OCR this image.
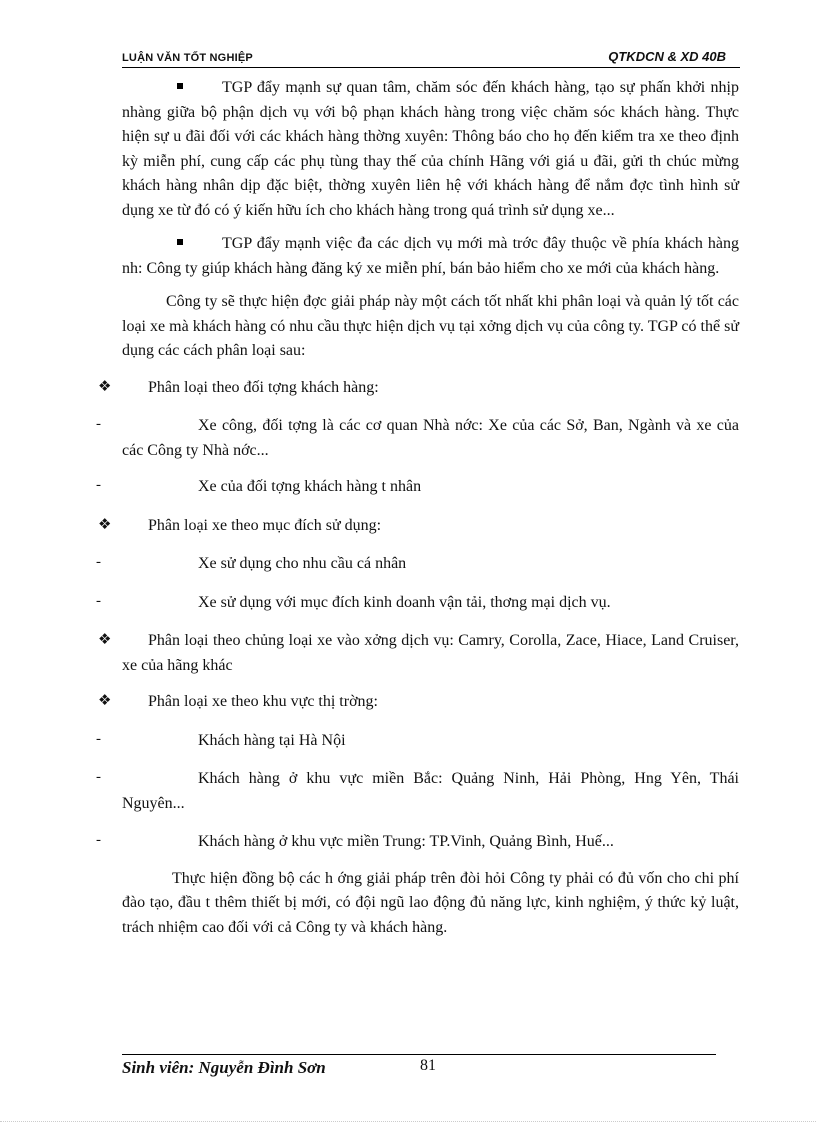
LUẬN VĂN TỐT NGHIỆP	QTKDCN & XD 40B

TGP đẩy mạnh sự quan tâm, chăm sóc đến khách hàng, tạo sự phấn khởi nhịp nhàng giữa bộ phận dịch vụ với bộ phạn khách hàng trong việc chăm sóc khách hàng. Thực hiện sự u đãi đối với các khách hàng thờng xuyên: Thông báo cho họ đến kiểm tra xe theo định kỳ miễn phí, cung cấp các phụ tùng thay thế của chính Hãng với giá u đãi, gửi th chúc mừng khách hàng nhân dịp đặc biệt, thờng xuyên liên hệ với khách hàng để nắm đợc tình hình sử dụng xe từ đó có ý kiến hữu ích cho khách hàng trong quá trình sử dụng xe...

TGP đẩy mạnh việc đa các dịch vụ mới mà trớc đây thuộc về phía khách hàng nh: Công ty giúp khách hàng đăng ký xe miễn phí, bán bảo hiểm cho xe mới của khách hàng.

Công ty sẽ thực hiện đợc giải pháp này một cách tốt nhất khi phân loại và quản lý tốt các loại xe mà khách hàng có nhu cầu thực hiện dịch vụ tại xởng dịch vụ của công ty. TGP có thể sử dụng các cách phân loại sau:

❖ Phân loại theo đối tợng khách hàng:

-	Xe công, đối tợng là các cơ quan Nhà nớc: Xe của các Sở, Ban, Ngành và xe của các Công ty Nhà nớc...

-	Xe của đối tợng khách hàng t nhân

❖ Phân loại xe theo mục đích sử dụng:

-	Xe sử dụng cho nhu cầu cá nhân

-	Xe sử dụng với mục đích kinh doanh vận tải, thơng mại dịch vụ.

❖ Phân loại theo chủng loại xe vào xởng dịch vụ: Camry, Corolla, Zace, Hiace, Land Cruiser, xe của hãng khác

❖ Phân loại xe theo khu vực thị trờng:

-	Khách hàng tại Hà Nội

-	Khách hàng ở khu vực miền Bắc: Quảng Ninh, Hải Phòng, Hng Yên, Thái Nguyên...

-	Khách hàng ở khu vực miền Trung: TP.Vinh, Quảng Bình, Huế...

Thực hiện đồng bộ các h ớng giải pháp trên đòi hỏi Công ty phải có đủ vốn cho chi phí đào tạo, đầu t thêm thiết bị mới, có đội ngũ lao động đủ năng lực, kinh nghiệm, ý thức kỷ luật, trách nhiệm cao đối với cả Công ty và khách hàng.

Sinh viên: Nguyễn Đình Sơn	81
